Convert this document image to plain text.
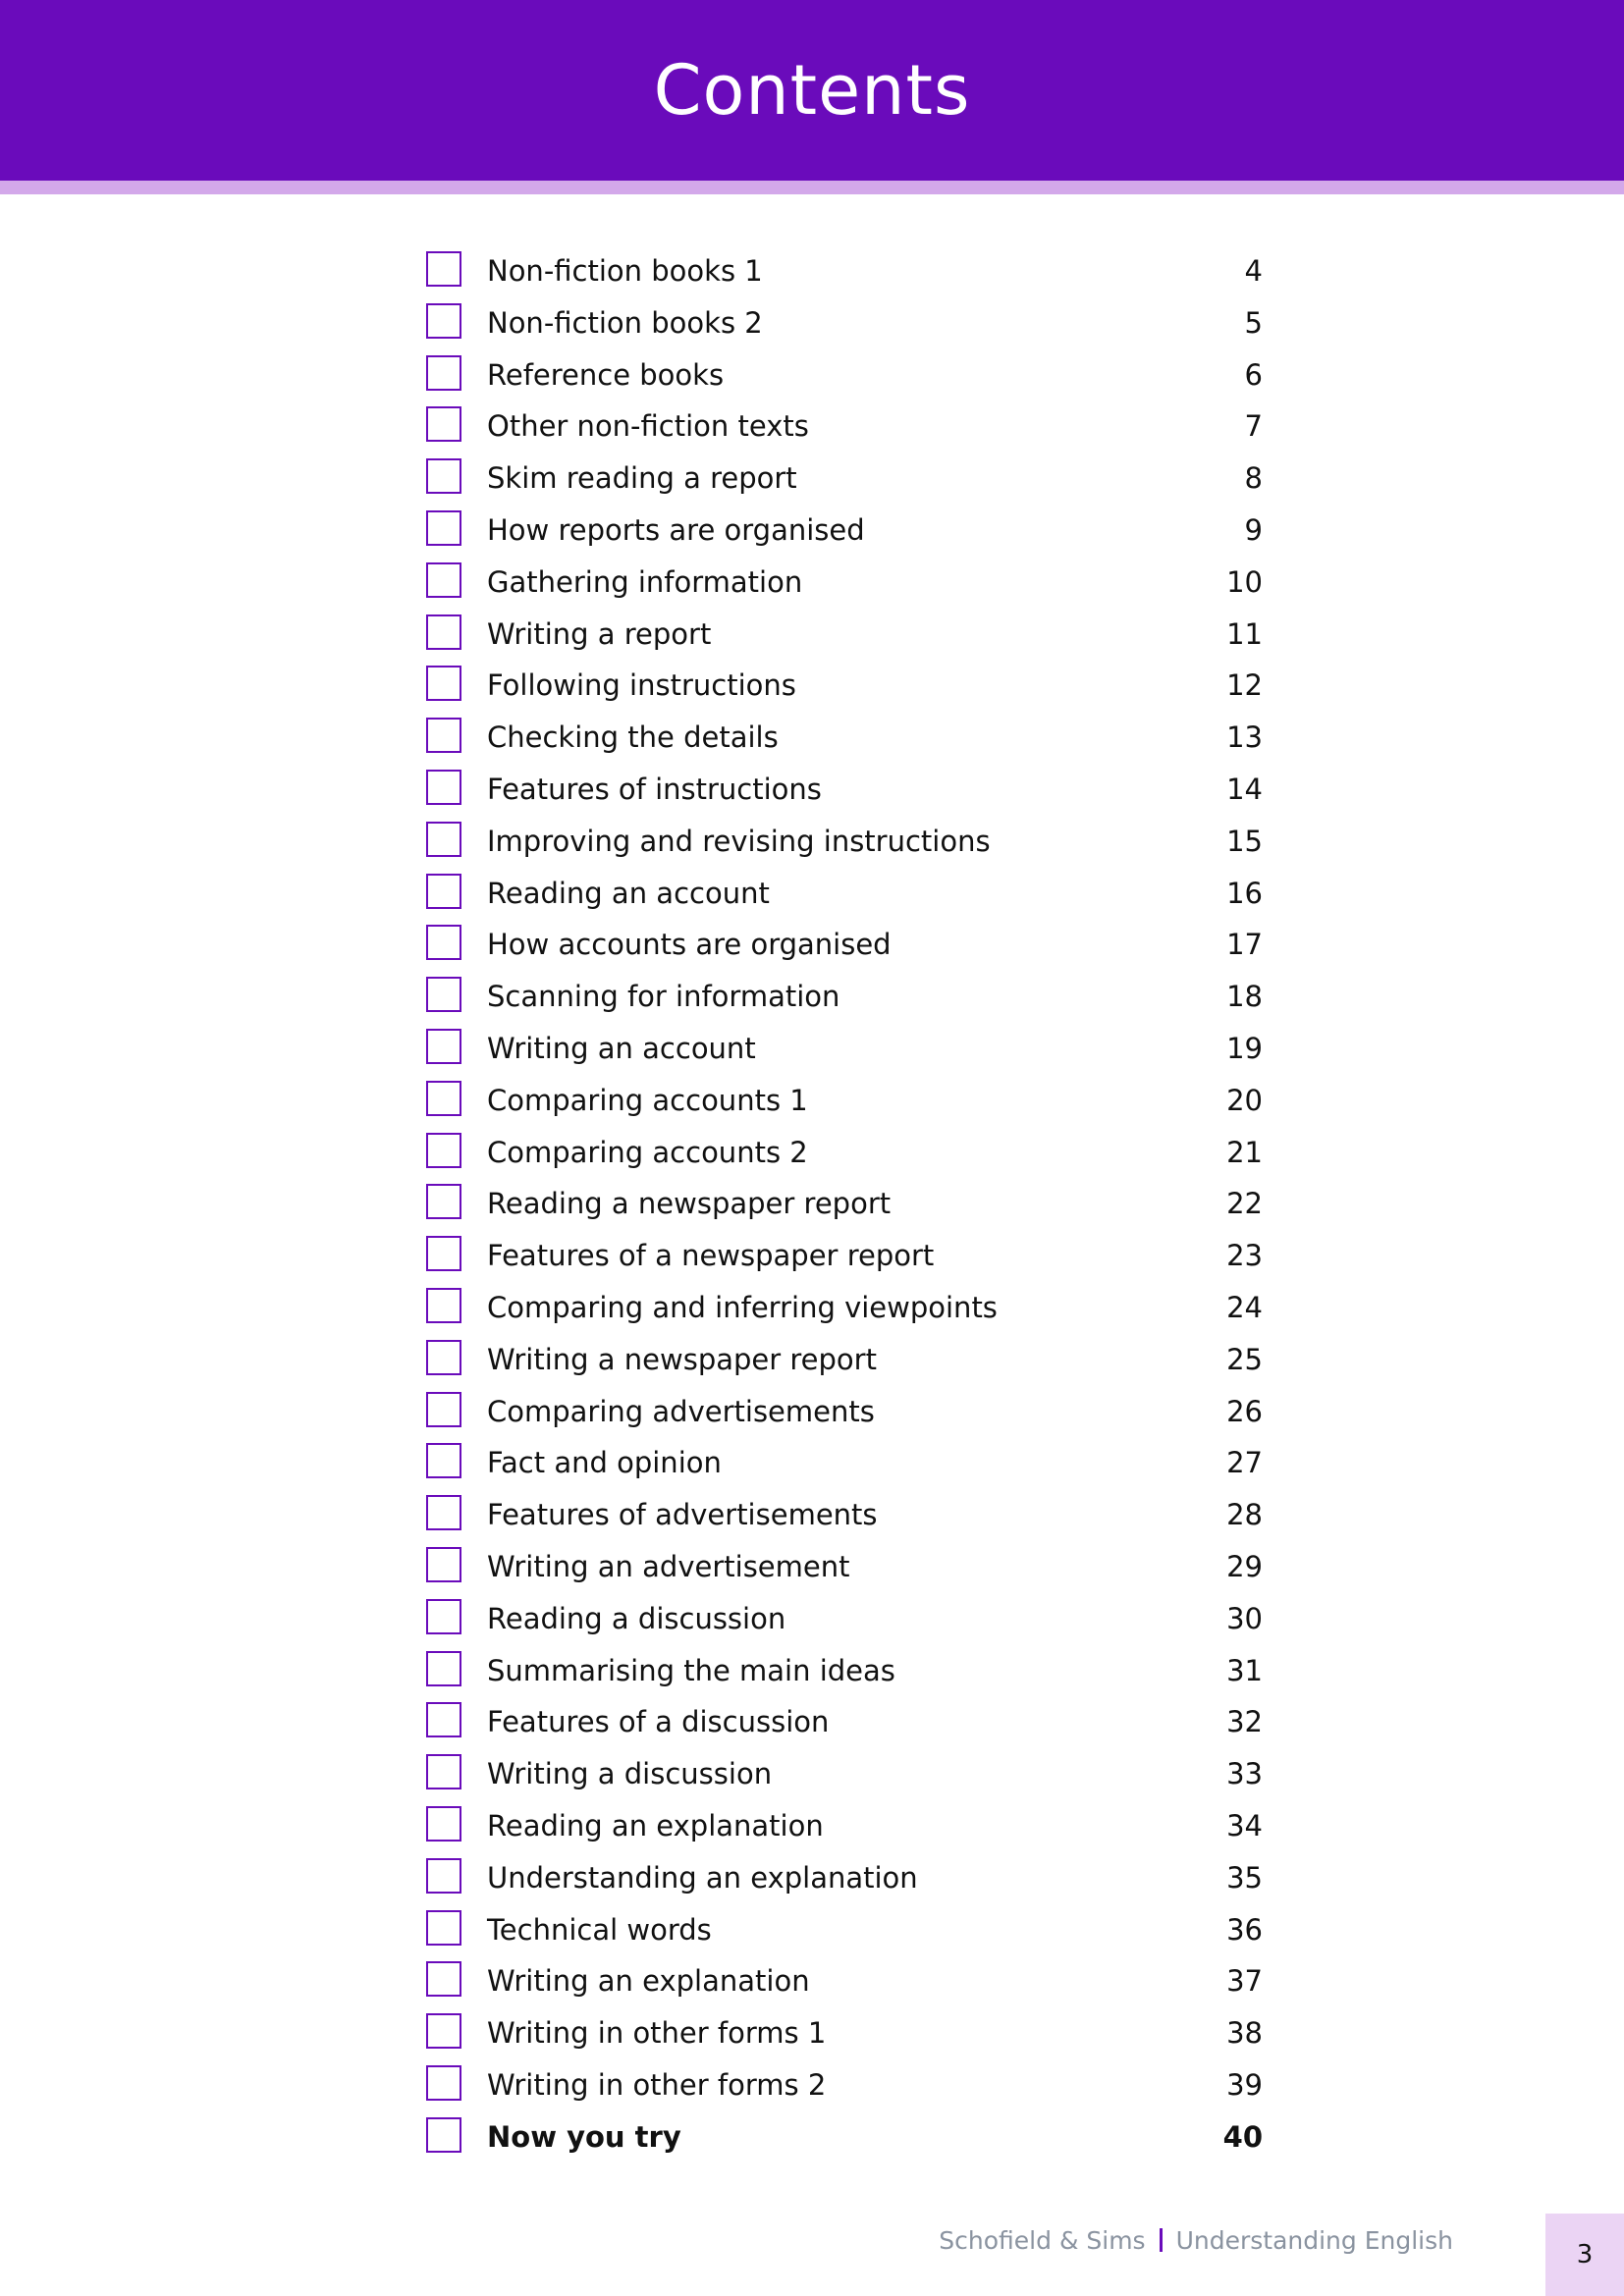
Contents
Non-fiction books 1	4
Non-fiction books 2	5
Reference books	6
Other non-fiction texts	7
Skim reading a report	8
How reports are organised	9
Gathering information	10
Writing a report	11
Following instructions	12
Checking the details	13
Features of instructions	14
Improving and revising instructions	15
Reading an account	16
How accounts are organised	17
Scanning for information	18
Writing an account	19
Comparing accounts 1	20
Comparing accounts 2	21
Reading a newspaper report	22
Features of a newspaper report	23
Comparing and inferring viewpoints	24
Writing a newspaper report	25
Comparing advertisements	26
Fact and opinion	27
Features of advertisements	28
Writing an advertisement	29
Reading a discussion	30
Summarising the main ideas	31
Features of a discussion	32
Writing a discussion	33
Reading an explanation	34
Understanding an explanation	35
Technical words	36
Writing an explanation	37
Writing in other forms 1	38
Writing in other forms 2	39
Now you try	40
Schofield & Sims Understanding English	3
